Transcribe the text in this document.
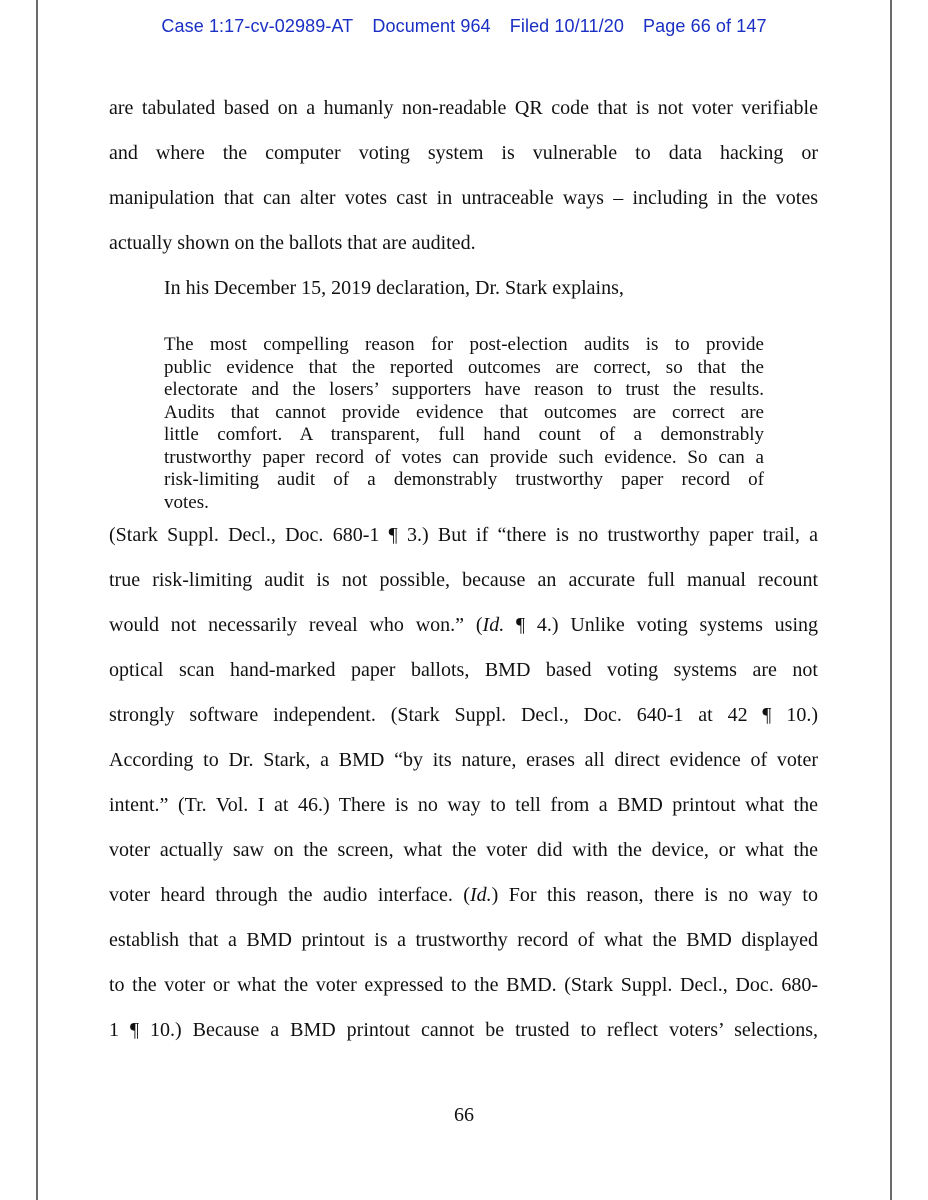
Case 1:17-cv-02989-AT Document 964 Filed 10/11/20 Page 66 of 147
are tabulated based on a humanly non-readable QR code that is not voter verifiable
and where the computer voting system is vulnerable to data hacking or
manipulation that can alter votes cast in untraceable ways – including in the votes
actually shown on the ballots that are audited.
In his December 15, 2019 declaration, Dr. Stark explains,
The most compelling reason for post-election audits is to provide
public evidence that the reported outcomes are correct, so that the
electorate and the losers’ supporters have reason to trust the results.
Audits that cannot provide evidence that outcomes are correct are
little comfort. A transparent, full hand count of a demonstrably
trustworthy paper record of votes can provide such evidence. So can a
risk-limiting audit of a demonstrably trustworthy paper record of
votes.
(Stark Suppl. Decl., Doc. 680-1 ¶ 3.) But if “there is no trustworthy paper trail, a
true risk-limiting audit is not possible, because an accurate full manual recount
would not necessarily reveal who won.” (Id. ¶ 4.) Unlike voting systems using
optical scan hand-marked paper ballots, BMD based voting systems are not
strongly software independent. (Stark Suppl. Decl., Doc. 640-1 at 42 ¶ 10.)
According to Dr. Stark, a BMD “by its nature, erases all direct evidence of voter
intent.” (Tr. Vol. I at 46.) There is no way to tell from a BMD printout what the
voter actually saw on the screen, what the voter did with the device, or what the
voter heard through the audio interface. (Id.) For this reason, there is no way to
establish that a BMD printout is a trustworthy record of what the BMD displayed
to the voter or what the voter expressed to the BMD. (Stark Suppl. Decl., Doc. 680-
1 ¶ 10.) Because a BMD printout cannot be trusted to reflect voters’ selections,
66
